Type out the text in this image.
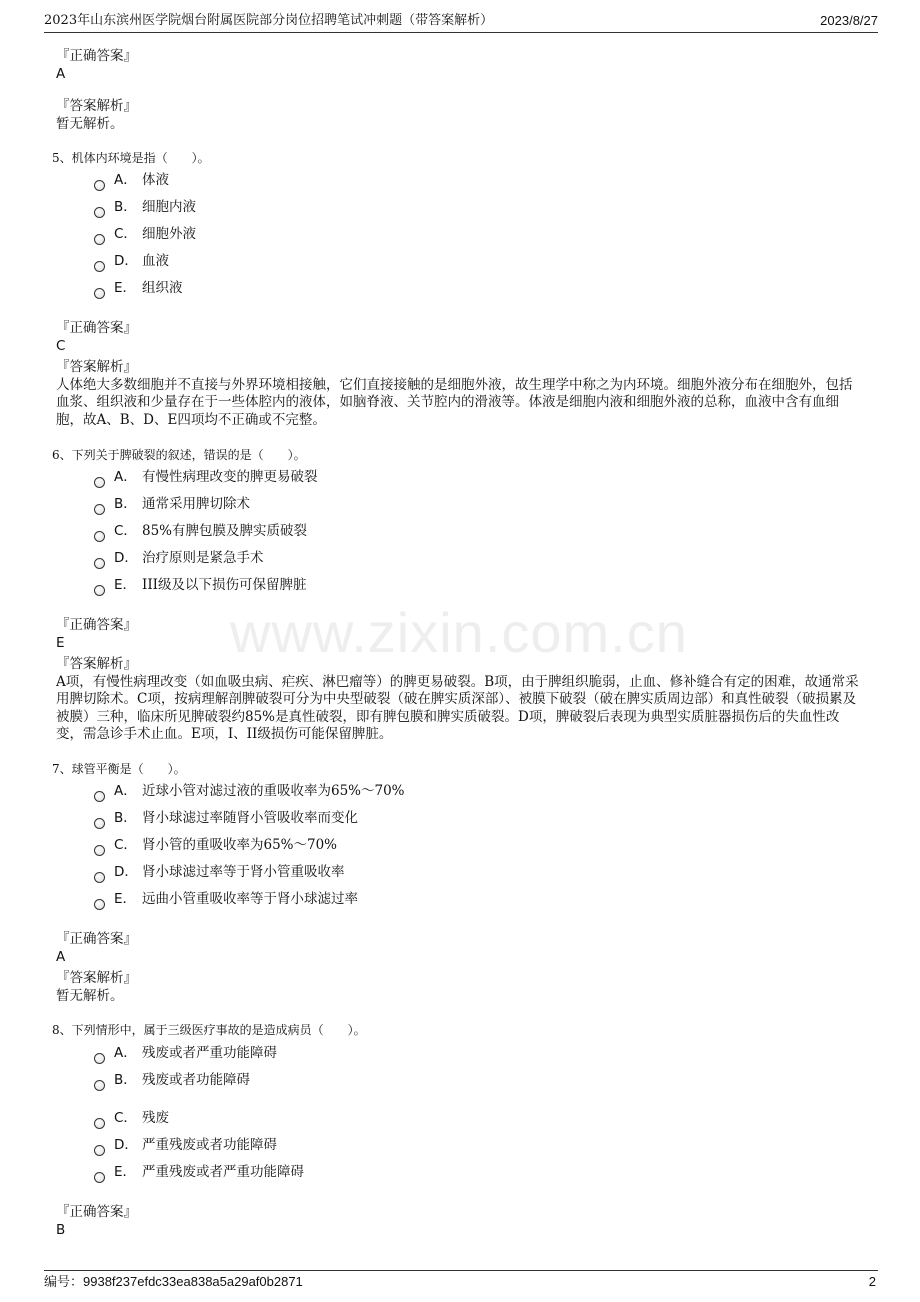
2023年山东滨州医学院烟台附属医院部分岗位招聘笔试冲刺题（带答案解析）	2023/8/27
www.zixin.com.cn
『正确答案』
A
『答案解析』
暂无解析。
5、机体内环境是指（　　）。
A． 体液
B． 细胞内液
C． 细胞外液
D． 血液
E． 组织液
『正确答案』
C
『答案解析』
人体绝大多数细胞并不直接与外界环境相接触，它们直接接触的是细胞外液，故生理学中称之为内环境。细胞外液分布在细胞外，包括血浆、组织液和少量存在于一些体腔内的液体，如脑脊液、关节腔内的滑液等。体液是细胞内液和细胞外液的总称，血液中含有血细胞，故A、B、D、E四项均不正确或不完整。
6、下列关于脾破裂的叙述，错误的是（　　）。
A． 有慢性病理改变的脾更易破裂
B． 通常采用脾切除术
C． 85%有脾包膜及脾实质破裂
D． 治疗原则是紧急手术
E． III级及以下损伤可保留脾脏
『正确答案』
E
『答案解析』
A项，有慢性病理改变（如血吸虫病、疟疾、淋巴瘤等）的脾更易破裂。B项，由于脾组织脆弱，止血、修补缝合有定的困难，故通常采用脾切除术。C项，按病理解剖脾破裂可分为中央型破裂（破在脾实质深部）、被膜下破裂（破在脾实质周边部）和真性破裂（破损累及被膜）三种，临床所见脾破裂约85%是真性破裂，即有脾包膜和脾实质破裂。D项，脾破裂后表现为典型实质脏器损伤后的失血性改变，需急诊手术止血。E项，I、II级损伤可能保留脾脏。
7、球管平衡是（　　）。
A． 近球小管对滤过液的重吸收率为65%～70%
B． 肾小球滤过率随肾小管吸收率而变化
C． 肾小管的重吸收率为65%～70%
D． 肾小球滤过率等于肾小管重吸收率
E． 远曲小管重吸收率等于肾小球滤过率
『正确答案』
A
『答案解析』
暂无解析。
8、下列情形中，属于三级医疗事故的是造成病员（　　）。
A． 残废或者严重功能障碍
B． 残废或者功能障碍
C． 残废
D． 严重残废或者功能障碍
E． 严重残废或者严重功能障碍
『正确答案』
B
编号：9938f237efdc33ea838a5a29af0b2871	2
